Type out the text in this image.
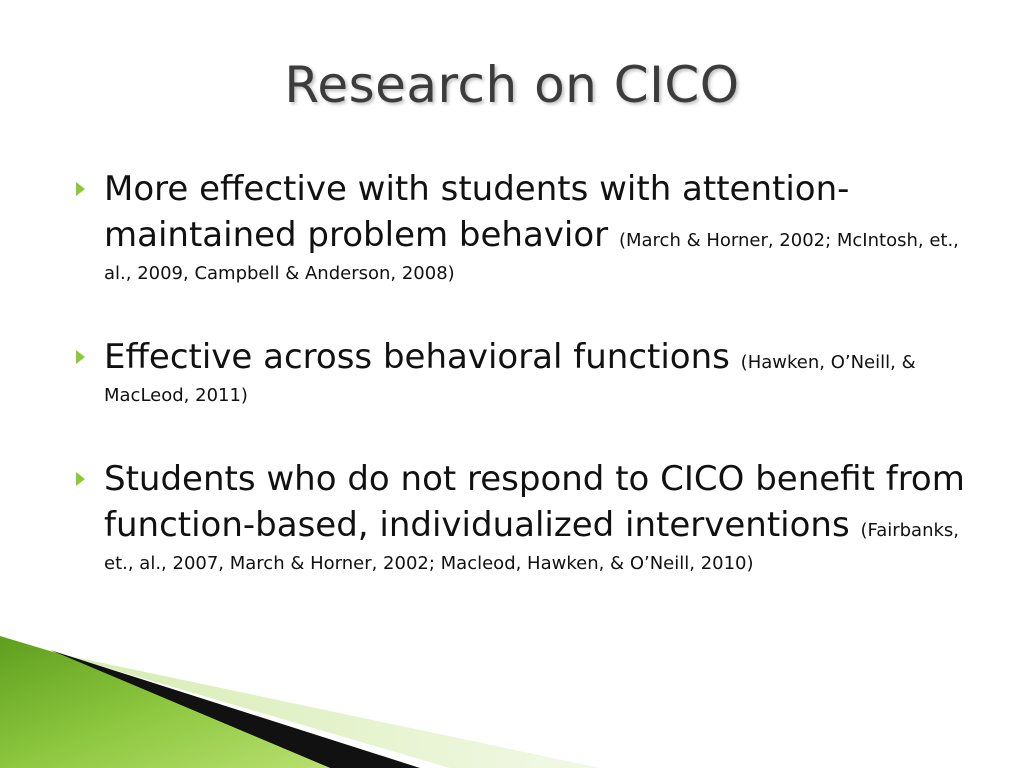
Research on CICO
More effective with students with attention-maintained problem behavior (March & Horner, 2002; McIntosh, et., al., 2009, Campbell & Anderson, 2008)
Effective across behavioral functions (Hawken, O’Neill, & MacLeod, 2011)
Students who do not respond to CICO benefit from function-based, individualized interventions (Fairbanks, et., al., 2007, March & Horner, 2002; Macleod, Hawken, & O’Neill, 2010)
